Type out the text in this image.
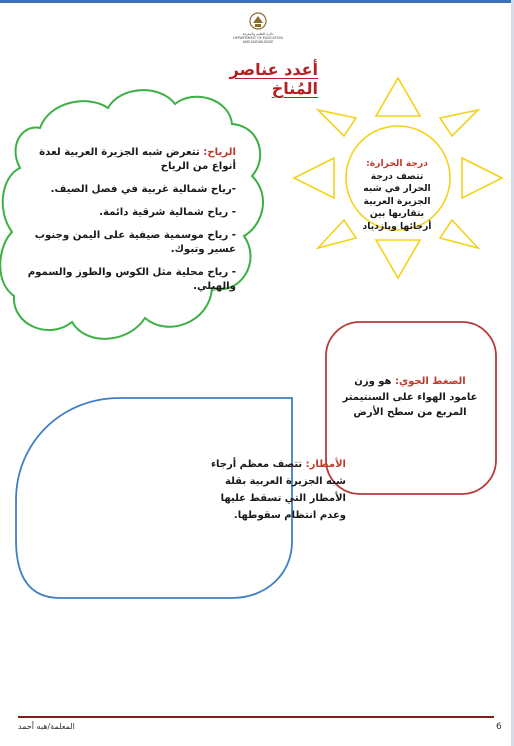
دائرة التعليم والمعرفة
DEPARTMENT OF EDUCATION
AND KNOWLEDGE
أعدد عناصر المُناخ

الرياح: تتعرض شبه الجزيرة العربية لعدة أنواع من الرياح

-رياح شمالية غربية في فصل الصيف.

- رياح شمالية شرقية دائمة.

- رياح موسمية صيفية على اليمن وجنوب عسير وتبوك.

- رياح محلية مثل الكوس والطوز والسموم والهيلي.

درجة الحرارة:
تتصف درجة الحرار في شبه الجزيرة العربية بتقاربها بين أرجائها وبازدياد
الضغط الجوي: هو وزن عامود الهواء على السنتيمتر المربع من سطح الأرض
الأمطار: تتصف معظم أرجاء شبه الجزيرة العربية بقلة الأمطار التي تسقط عليها وعدم انتظام سقوطها.
المعلمة/هبه أحمد	6
